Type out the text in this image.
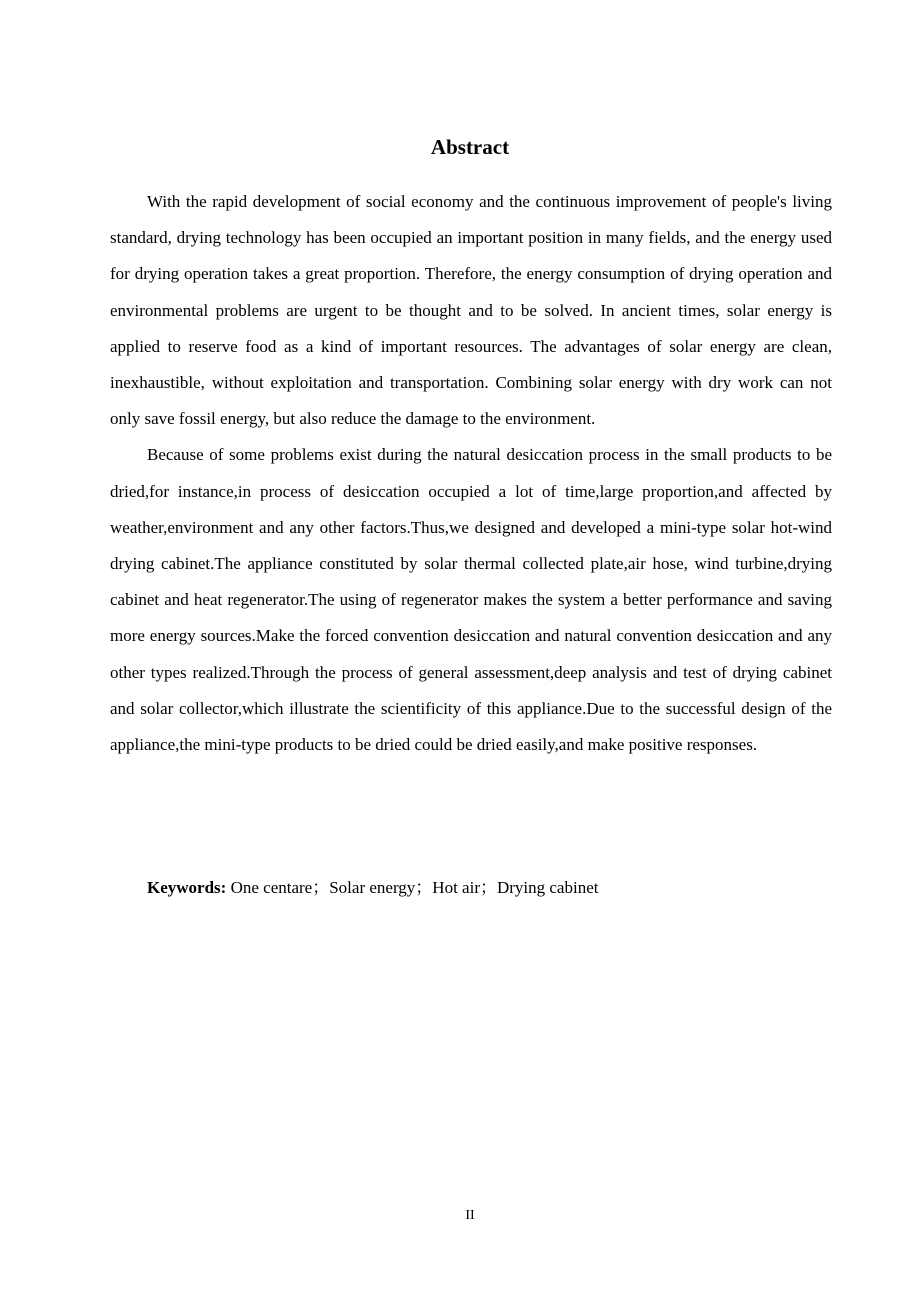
Abstract

With the rapid development of social economy and the continuous improvement of people's living standard, drying technology has been occupied an important position in many fields, and the energy used for drying operation takes a great proportion. Therefore, the energy consumption of drying operation and environmental problems are urgent to be thought and to be solved. In ancient times, solar energy is applied to reserve food as a kind of important resources. The advantages of solar energy are clean, inexhaustible, without exploitation and transportation. Combining solar energy with dry work can not only save fossil energy, but also reduce the damage to the environment.

Because of some problems exist during the natural desiccation process in the small products to be dried,for instance,in process of desiccation occupied a lot of time,large proportion,and affected by weather,environment and any other factors.Thus,we designed and developed a mini-type solar hot-wind drying cabinet.The appliance constituted by solar thermal collected plate,air hose, wind turbine,drying cabinet and heat regenerator.The using of regenerator makes the system a better performance and saving more energy sources.Make the forced convention desiccation and natural convention desiccation and any other types realized.Through the process of general assessment,deep analysis and test of drying cabinet and solar collector,which illustrate the scientificity of this appliance.Due to the successful design of the appliance,the mini-type products to be dried could be dried easily,and make positive responses.

Keywords: One centare；Solar energy；Hot air；Drying cabinet

II
